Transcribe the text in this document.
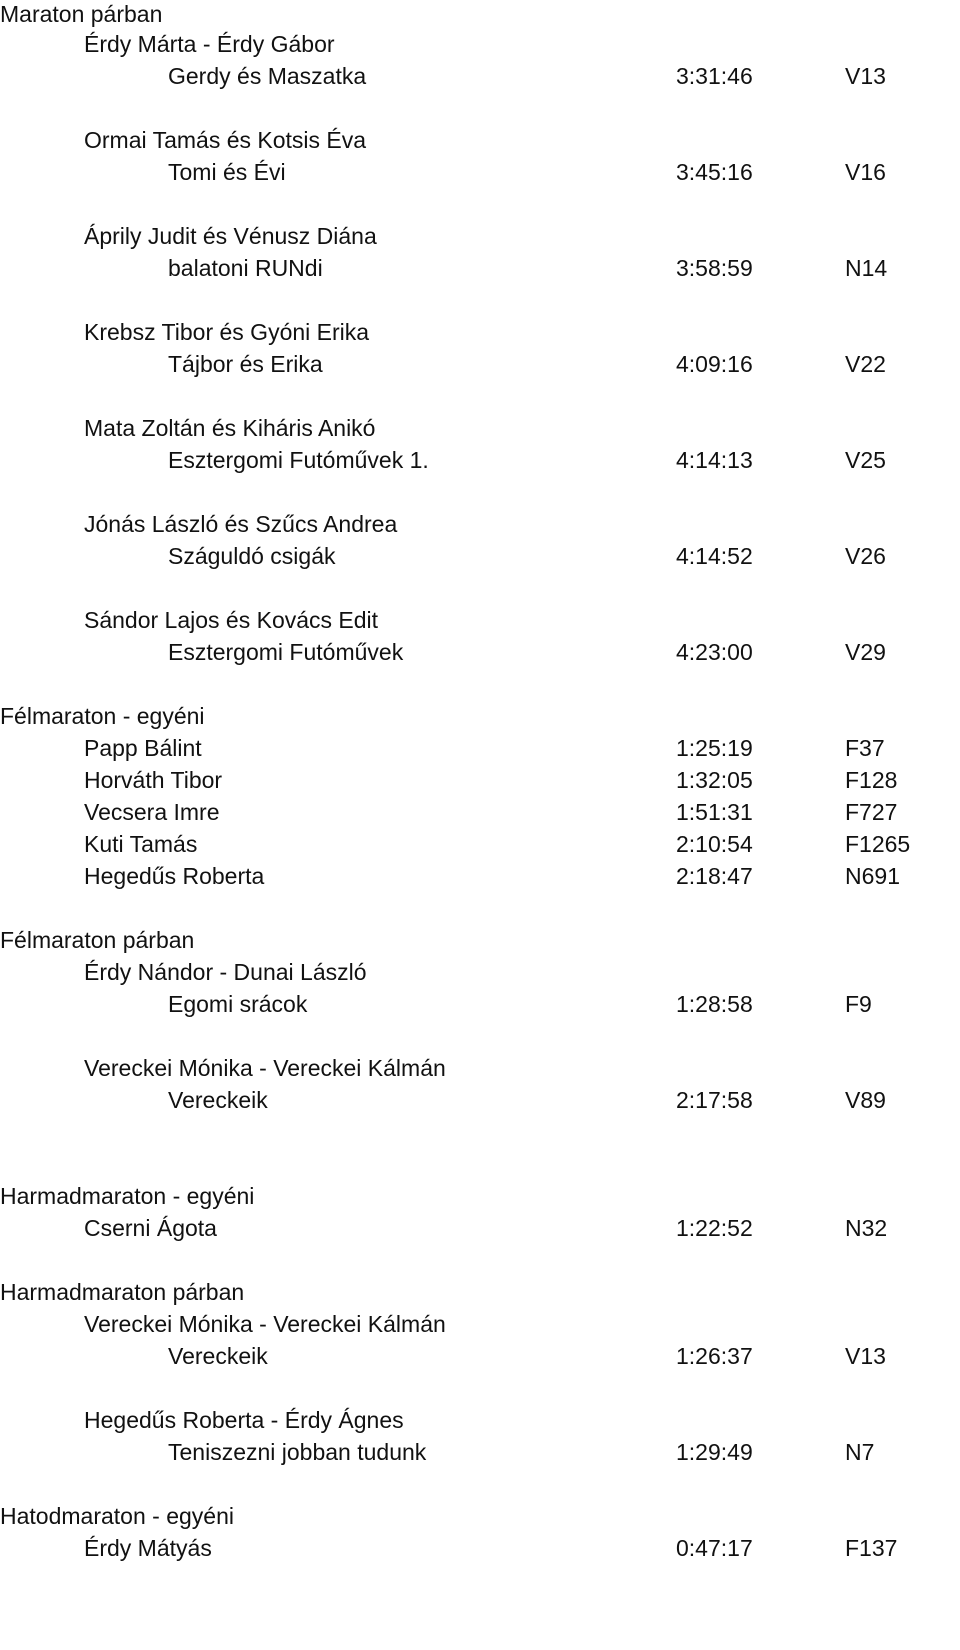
Maraton párban
Érdy Márta - Érdy Gábor
Gerdy és Maszatka	3:31:46	V13
Ormai Tamás és Kotsis Éva
Tomi és Évi	3:45:16	V16
Áprily Judit és Vénusz Diána
balatoni RUNdi	3:58:59	N14
Krebsz Tibor és Gyóni Erika
Tájbor és Erika	4:09:16	V22
Mata Zoltán és Kiháris Anikó
Esztergomi Futóművek 1.	4:14:13	V25
Jónás László és Szűcs Andrea
Száguldó csigák	4:14:52	V26
Sándor Lajos és Kovács Edit
Esztergomi Futóművek	4:23:00	V29
Félmaraton - egyéni
Papp Bálint	1:25:19	F37
Horváth Tibor	1:32:05	F128
Vecsera Imre	1:51:31	F727
Kuti Tamás	2:10:54	F1265
Hegedűs Roberta	2:18:47	N691
Félmaraton párban
Érdy Nándor - Dunai László
Egomi srácok	1:28:58	F9
Vereckei Mónika - Vereckei Kálmán
Vereckeik	2:17:58	V89
Harmadmaraton - egyéni
Cserni Ágota	1:22:52	N32
Harmadmaraton párban
Vereckei Mónika - Vereckei Kálmán
Vereckeik	1:26:37	V13
Hegedűs Roberta - Érdy Ágnes
Teniszezni jobban tudunk	1:29:49	N7
Hatodmaraton - egyéni
Érdy Mátyás	0:47:17	F137
